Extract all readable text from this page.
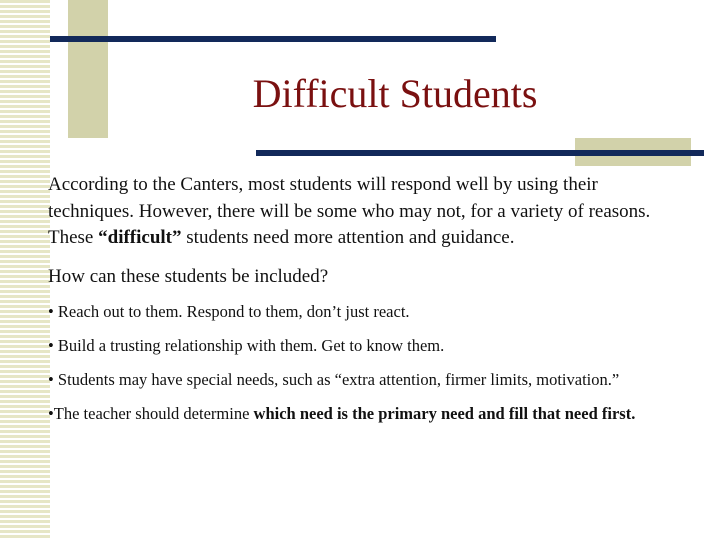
Difficult Students

According to the Canters, most students will respond well by using their techniques. However, there will be some who may not, for a variety of reasons. These “difficult” students need more attention and guidance.

How can these students be included?

• Reach out to them. Respond to them, don’t just react.

• Build a trusting relationship with them. Get to know them.

• Students may have special needs, such as “extra attention, firmer limits, motivation.”

•The teacher should determine which need is the primary need and fill that need first.
